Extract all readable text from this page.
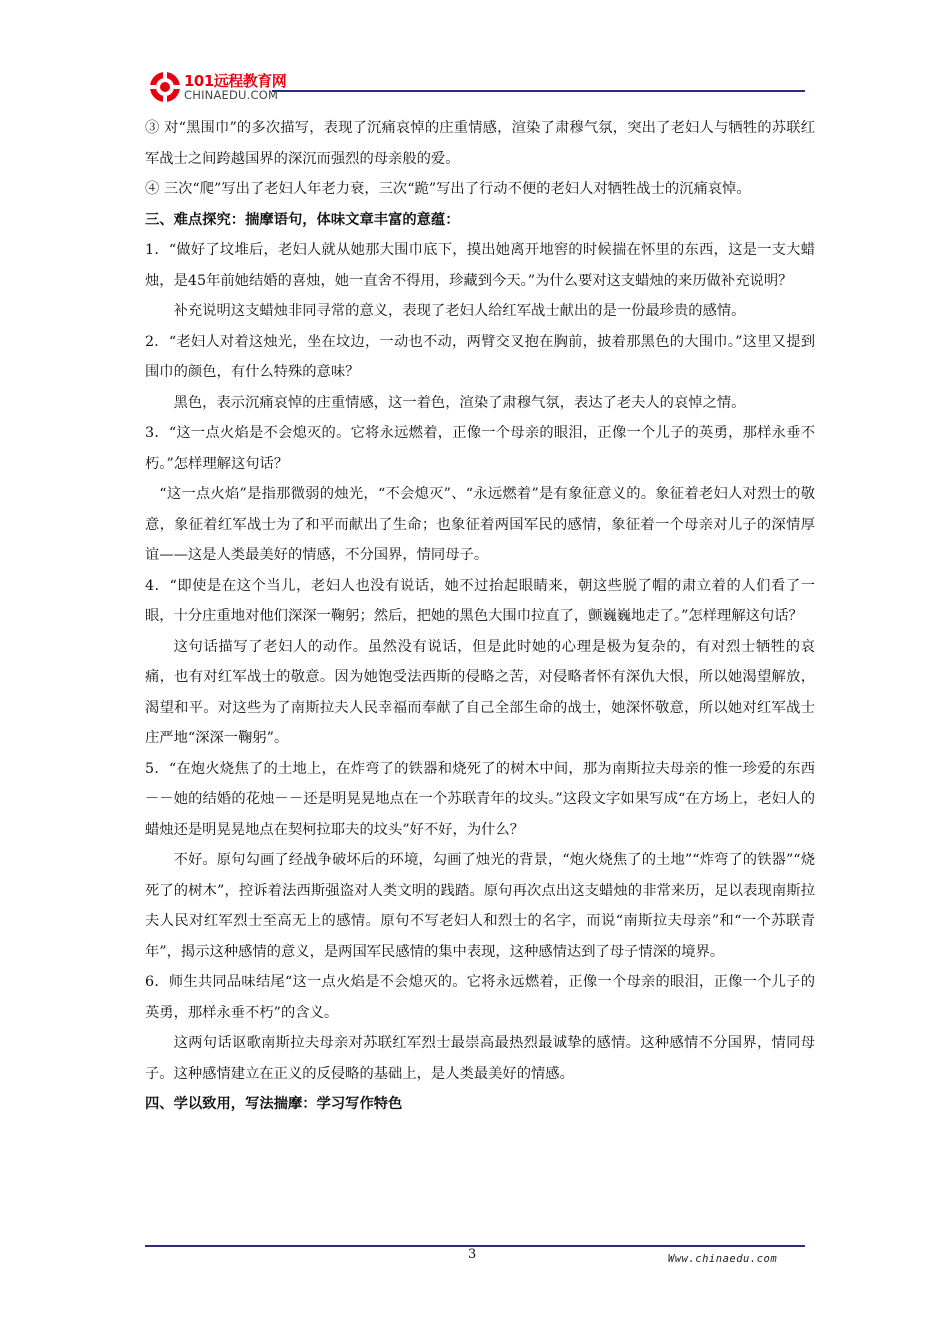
101远程教育网
CHINAEDU.COM

③ 对“黑围巾”的多次描写，表现了沉痛哀悼的庄重情感，渲染了肃穆气氛，突出了老妇人与牺牲的苏联红军战士之间跨越国界的深沉而强烈的母亲般的爱。

④ 三次“爬”写出了老妇人年老力衰，三次“跪”写出了行动不便的老妇人对牺牲战士的沉痛哀悼。

三、难点探究：揣摩语句，体味文章丰富的意蕴：

1．“做好了坟堆后，老妇人就从她那大围巾底下，摸出她离开地窖的时候揣在怀里的东西，这是一支大蜡烛，是45年前她结婚的喜烛，她一直舍不得用，珍藏到今天。”为什么要对这支蜡烛的来历做补充说明？

补充说明这支蜡烛非同寻常的意义，表现了老妇人给红军战士献出的是一份最珍贵的感情。

2．“老妇人对着这烛光，坐在坟边，一动也不动，两臂交叉抱在胸前，披着那黑色的大围巾。”这里又提到围巾的颜色，有什么特殊的意味？

黑色，表示沉痛哀悼的庄重情感，这一着色，渲染了肃穆气氛，表达了老夫人的哀悼之情。

3．“这一点火焰是不会熄灭的。它将永远燃着，正像一个母亲的眼泪，正像一个儿子的英勇，那样永垂不朽。”怎样理解这句话？

“这一点火焰”是指那微弱的烛光，“不会熄灭”、“永远燃着”是有象征意义的。象征着老妇人对烈士的敬意，象征着红军战士为了和平而献出了生命；也象征着两国军民的感情，象征着一个母亲对儿子的深情厚谊——这是人类最美好的情感，不分国界，情同母子。

4．“即使是在这个当儿，老妇人也没有说话，她不过抬起眼睛来，朝这些脱了帽的肃立着的人们看了一眼，十分庄重地对他们深深一鞠躬；然后，把她的黑色大围巾拉直了，颤巍巍地走了。”怎样理解这句话？

这句话描写了老妇人的动作。虽然没有说话，但是此时她的心理是极为复杂的，有对烈士牺牲的哀痛，也有对红军战士的敬意。因为她饱受法西斯的侵略之苦，对侵略者怀有深仇大恨，所以她渴望解放，渴望和平。对这些为了南斯拉夫人民幸福而奉献了自己全部生命的战士，她深怀敬意，所以她对红军战士庄严地“深深一鞠躬”。

5．“在炮火烧焦了的土地上，在炸弯了的铁器和烧死了的树木中间，那为南斯拉夫母亲的惟一珍爱的东西－－她的结婚的花烛－－还是明晃晃地点在一个苏联青年的坟头。”这段文字如果写成“在方场上，老妇人的蜡烛还是明晃晃地点在契柯拉耶夫的坟头”好不好，为什么？

不好。原句勾画了经战争破坏后的环境，勾画了烛光的背景，“炮火烧焦了的土地”“炸弯了的铁器”“烧死了的树木”，控诉着法西斯强盗对人类文明的践踏。原句再次点出这支蜡烛的非常来历，足以表现南斯拉夫人民对红军烈士至高无上的感情。原句不写老妇人和烈士的名字，而说“南斯拉夫母亲”和“一个苏联青年”，揭示这种感情的意义，是两国军民感情的集中表现，这种感情达到了母子情深的境界。

6．师生共同品味结尾“这一点火焰是不会熄灭的。它将永远燃着，正像一个母亲的眼泪，正像一个儿子的英勇，那样永垂不朽”的含义。

这两句话讴歌南斯拉夫母亲对苏联红军烈士最崇高最热烈最诚挚的感情。这种感情不分国界，情同母子。这种感情建立在正义的反侵略的基础上，是人类最美好的情感。

四、学以致用，写法揣摩：学习写作特色

3	Www.chinaedu.com
